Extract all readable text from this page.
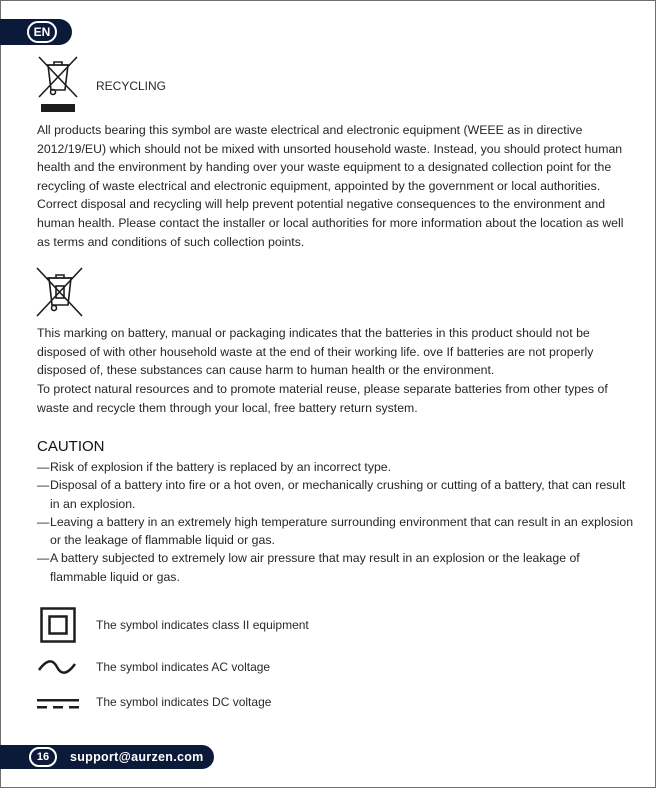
EN
RECYCLING

All products bearing this symbol are waste electrical and electronic equipment (WEEE as in directive 2012/19/EU) which should not be mixed with unsorted household waste. Instead, you should protect human health and the environment by handing over your waste equipment to a designated collection point for the recycling of waste electrical and electronic equipment, appointed by the government or local authorities. Correct disposal and recycling will help prevent potential negative consequences to the environment and human health. Please contact the installer or local authorities for more information about the location as well as terms and conditions of such collection points.

This marking on battery, manual or packaging indicates that the batteries in this product should not be disposed of with other household waste at the end of their working life. ove If batteries are not properly disposed of, these substances can cause harm to human health or the environment.

To protect natural resources and to promote material reuse, please separate batteries from other types of waste and recycle them through your local, free battery return system.

CAUTION
— Risk of explosion if the battery is replaced by an incorrect type.
— Disposal of a battery into fire or a hot oven, or mechanically crushing or cutting of a battery, that can result in an explosion.
— Leaving a battery in an extremely high temperature surrounding environment that can result in an explosion or the leakage of flammable liquid or gas.
— A battery subjected to extremely low air pressure that may result in an explosion or the leakage of flammable liquid or gas.
The symbol indicates class II equipment
The symbol indicates AC voltage
The symbol indicates DC voltage
16	support@aurzen.com
